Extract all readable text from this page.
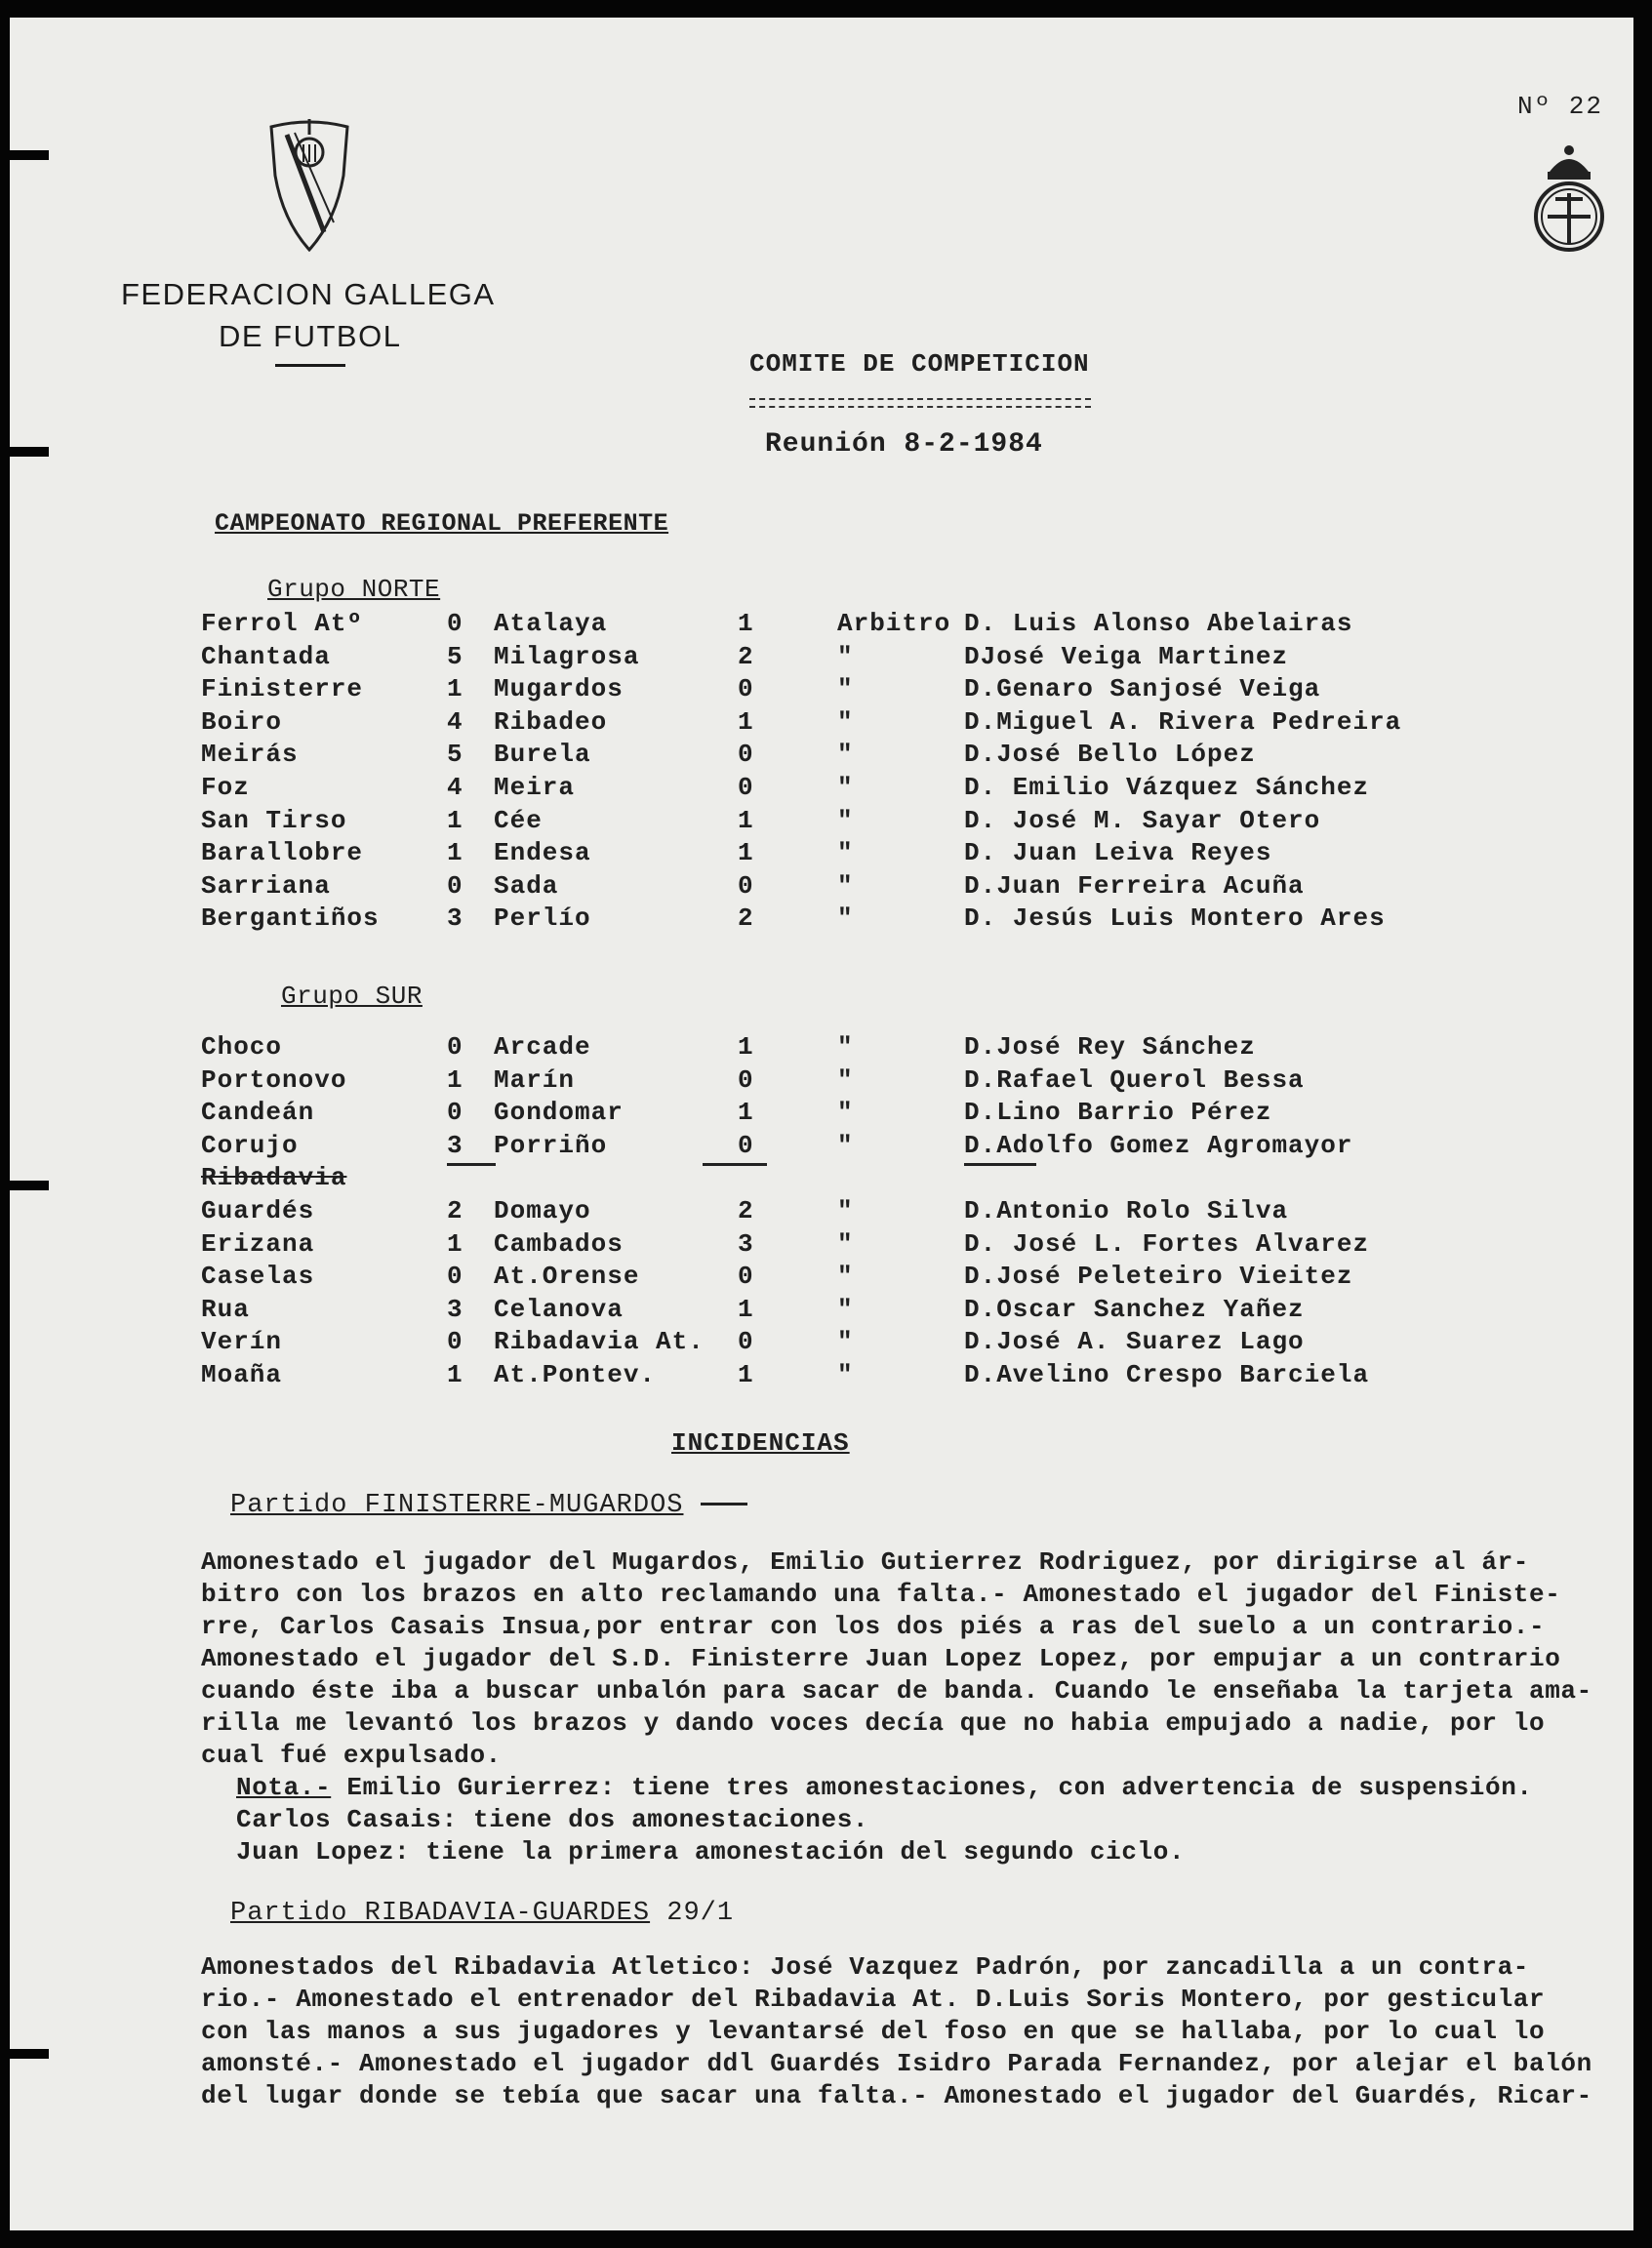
Nº 22
FEDERACION GALLEGA
DE FUTBOL
COMITE DE COMPETICION
Reunión 8-2-1984
CAMPEONATO REGIONAL PREFERENTE
Grupo NORTE
Ferrol Atº	0 Atalaya	1	Arbitro D. Luis Alonso Abelairas
Chantada	5 Milagrosa	2	"	DJosé Veiga Martinez
Finisterre	1 Mugardos	0	"	D.Genaro Sanjosé Veiga
Boiro	4 Ribadeo	1	"	D.Miguel A. Rivera Pedreira
Meirás	5 Burela	0	"	D.José Bello López
Foz	4 Meira	0	"	D. Emilio Vázquez Sánchez
San Tirso	1 Cée	1	"	D. José M. Sayar Otero
Barallobre	1 Endesa	1	"	D. Juan Leiva Reyes
Sarriana	0 Sada	0	"	D.Juan Ferreira Acuña
Bergantiños	3 Perlío	2	"	D. Jesús Luis Montero Ares
Grupo SUR
Choco	0 Arcade	1	"	D.José Rey Sánchez
Portonovo	1 Marín	0	"	D.Rafael Querol Bessa
Candeán	0 Gondomar	1	"	D.Lino Barrio Pérez
Corujo	3 Porriño	0	"	D.Adolfo Gomez Agromayor
Ribadavia
Guardés	2 Domayo	2	"	D.Antonio Rolo Silva
Erizana	1 Cambados	3	"	D. José L. Fortes Alvarez
Caselas	0 At.Orense	0	"	D.José Peleteiro Vieitez
Rua	3 Celanova	1	"	D.Oscar Sanchez Yañez
Verín	0 Ribadavia At. 0	"	D.José A. Suarez Lago
Moaña	1 At.Pontev.	1	"	D.Avelino Crespo Barciela
INCIDENCIAS
Partido FINISTERRE-MUGARDOS
Amonestado el jugador del Mugardos, Emilio Gutierrez Rodriguez, por dirigirse al ár-
bitro con los brazos en alto reclamando una falta.- Amonestado el jugador del Finiste-
rre, Carlos Casais Insua,por entrar con los dos piés a ras del suelo a un contrario.-
Amonestado el jugador del S.D. Finisterre Juan Lopez Lopez, por empujar a un contrario
cuando éste iba a buscar unbalón para sacar de banda. Cuando le enseñaba la tarjeta ama-
rilla me levantó los brazos y dando voces decía que no habia empujado a nadie, por lo
cual fué expulsado.
Nota.- Emilio Gurierrez: tiene tres amonestaciones, con advertencia de suspensión.
Carlos Casais: tiene dos amonestaciones.
Juan Lopez: tiene la primera amonestación del segundo ciclo.
Partido RIBADAVIA-GUARDES 29/1
Amonestados del Ribadavia Atletico: José Vazquez Padrón, por zancadilla a un contra-
rio.- Amonestado el entrenador del Ribadavia At. D.Luis Soris Montero, por gesticular
con las manos a sus jugadores y levantarsé del foso en que se hallaba, por lo cual lo
amonsté.- Amonestado el jugador ddl Guardés Isidro Parada Fernandez, por alejar el balón
del lugar donde se tebía que sacar una falta.- Amonestado el jugador del Guardés, Ricar-
